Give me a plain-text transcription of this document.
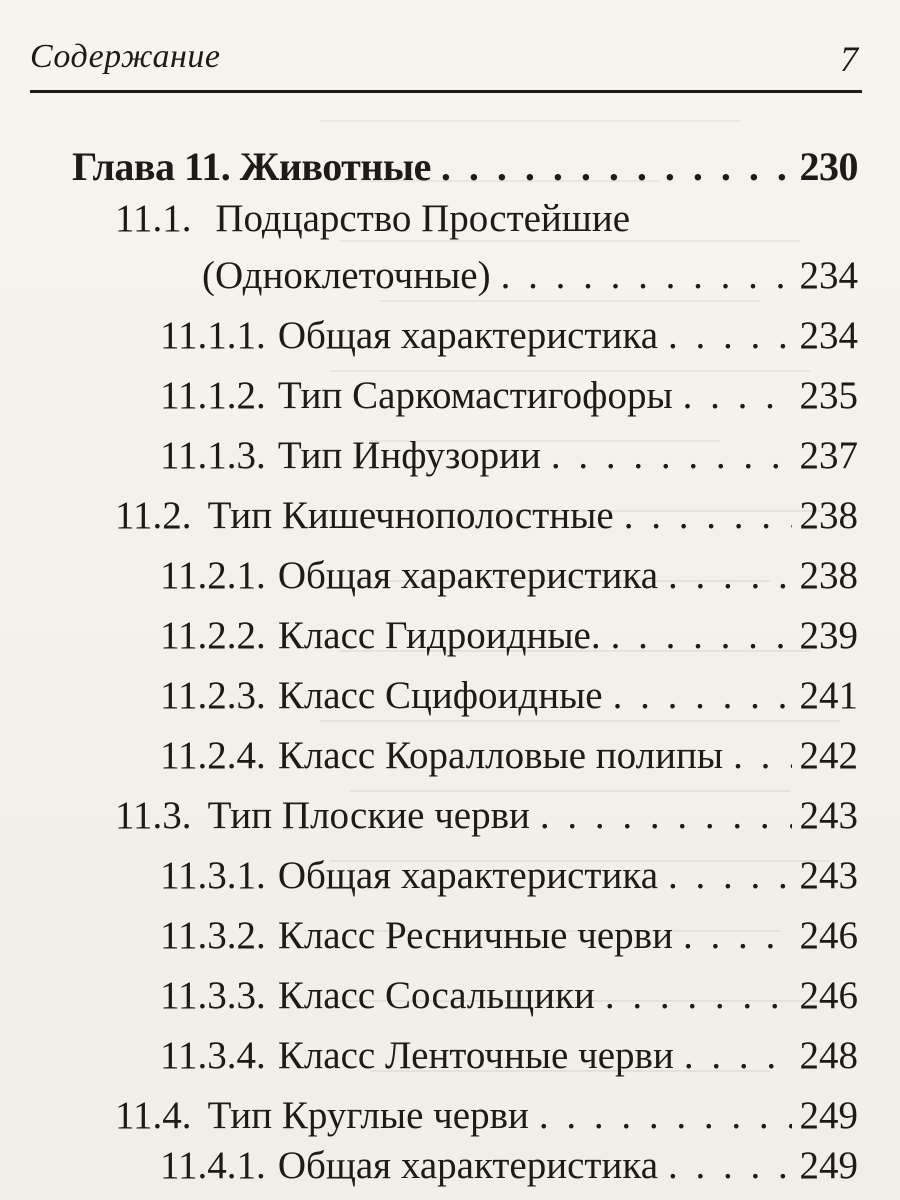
Содержание	7
Глава 11. Животные . . .	230
11.1. Подцарство Простейшие
(Одноклеточные) . . .	234
11.1.1. Общая характеристика . . .	234
11.1.2. Тип Саркомастигофоры . . .	235
11.1.3. Тип Инфузории . . .	237
11.2. Тип Кишечнополостные . . .	238
11.2.1. Общая характеристика . . .	238
11.2.2. Класс Гидроидные. . . .	239
11.2.3. Класс Сцифоидные . . .	241
11.2.4. Класс Коралловые полипы . . . 242
11.3. Тип Плоские черви . . .	243
11.3.1. Общая характеристика . . .	243
11.3.2. Класс Ресничные черви . . .	246
11.3.3. Класс Сосальщики . . .	246
11.3.4. Класс Ленточные черви . . .	248
11.4. Тип Круглые черви . . .	249
11.4.1. Общая характеристика . . .	249
